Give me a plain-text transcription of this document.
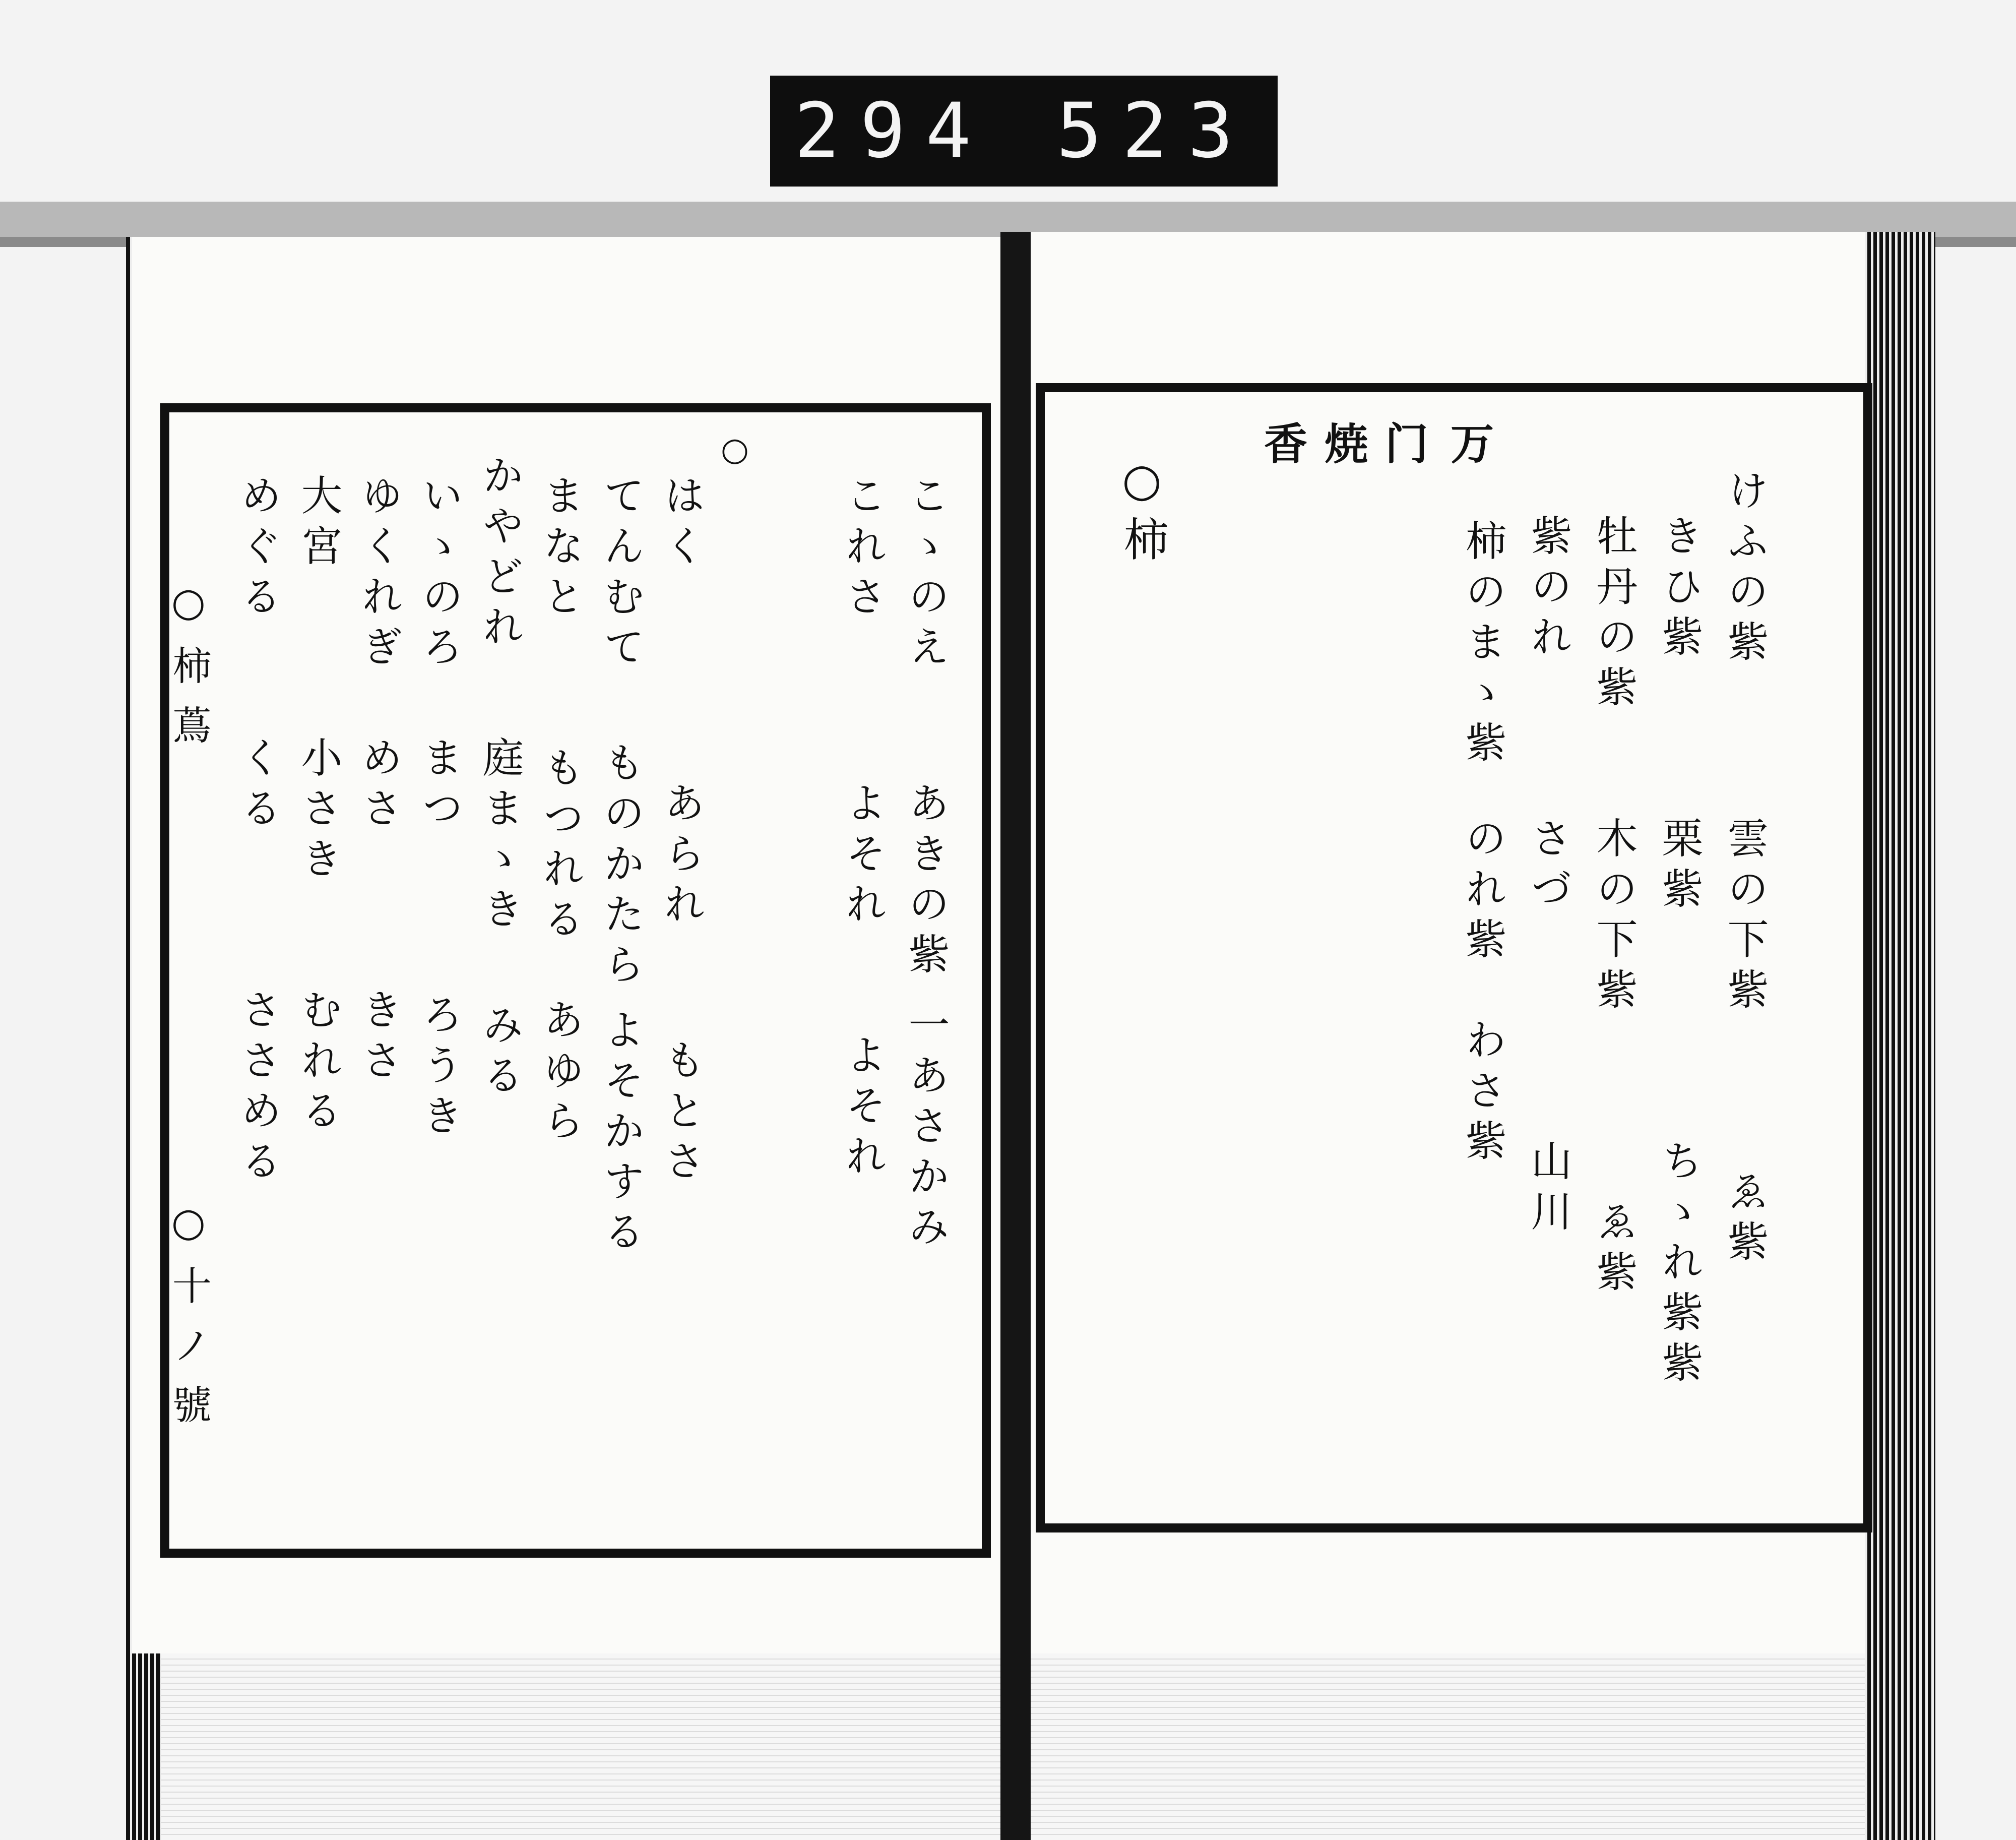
294 523
万
门
焼
香
けふの紫
雲の下紫
ゑ紫
きひ紫
栗紫
ちゝれ紫紫
牡丹の紫
木の下紫
ゑ紫
紫のれ
さづ
山川
柿のまゝ紫
のれ紫
わさ紫
○柿
こゝのえ
あきの紫
一あさかみ
これさ
よそれ
よそれ
○
はく
あられ
もとさ
てんむて
ものかたら
よそかする
まなと
もつれる
あゆら
かやどれ
庭まゝき
みる
いゝのろ
まつ
ろうき
ゆくれぎ
めさ
きさ
大宮
小さき
むれる
めぐる
くる
ささめる
○柿蔦
○十ノ號
